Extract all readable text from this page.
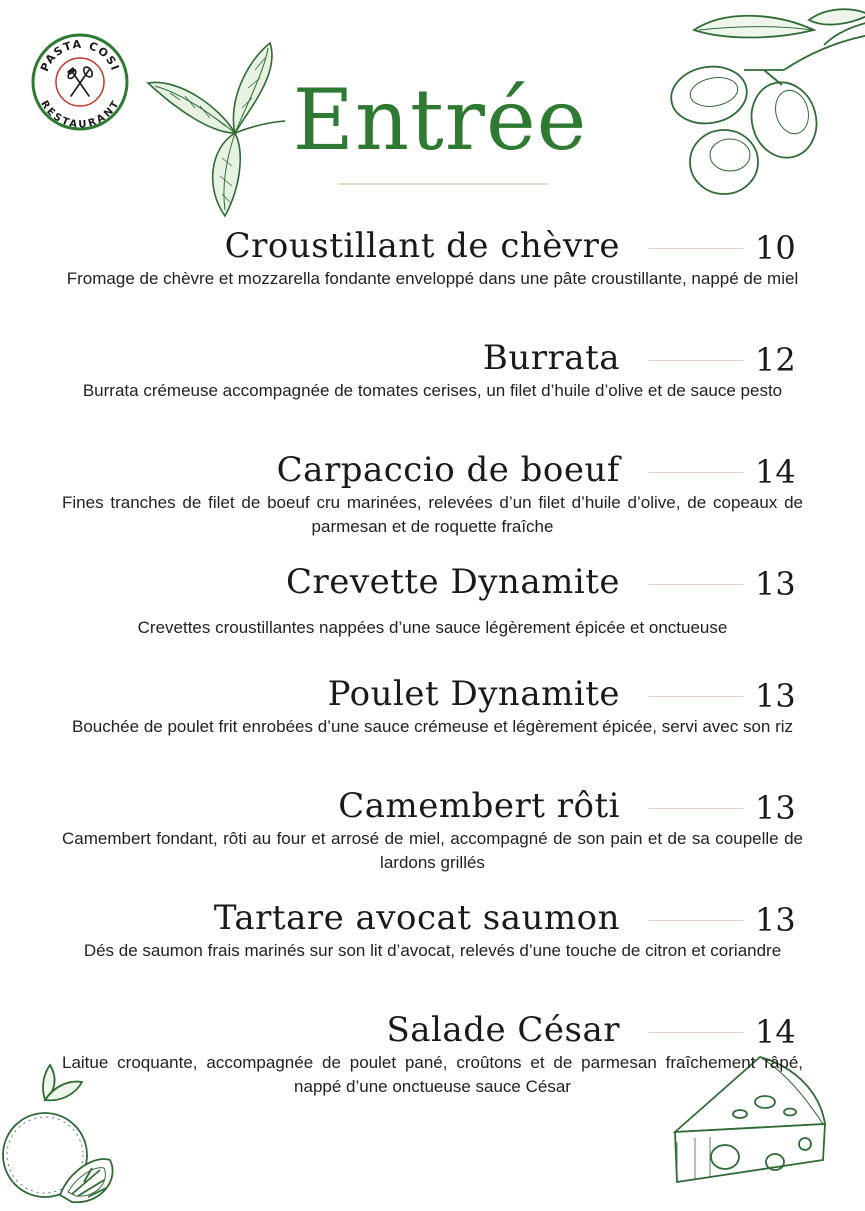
PASTA COSI
RESTAURANT Entrée
Croustillant de chèvre	10

Fromage de chèvre et mozzarella fondante enveloppé dans une pâte croustillante, nappé de miel

Burrata	12

Burrata crémeuse accompagnée de tomates cerises, un filet d’huile d’olive et de sauce pesto

Carpaccio de boeuf	14

Fines tranches de filet de boeuf cru marinées, relevées d’un filet d’huile d’olive, de copeaux de parmesan et de roquette fraîche

Crevette Dynamite	13

Crevettes croustillantes nappées d’une sauce légèrement épicée et onctueuse

Poulet Dynamite	13

Bouchée de poulet frit enrobées d’une sauce crémeuse et légèrement épicée, servi avec son riz

Camembert rôti	13

Camembert fondant, rôti au four et arrosé de miel, accompagné de son pain et de sa coupelle de lardons grillés

Tartare avocat saumon	13

Dés de saumon frais marinés sur son lit d’avocat, relevés d’une touche de citron et coriandre

Salade César	14

Laitue croquante, accompagnée de poulet pané, croûtons et de parmesan fraîchement râpé, nappé d’une onctueuse sauce César
